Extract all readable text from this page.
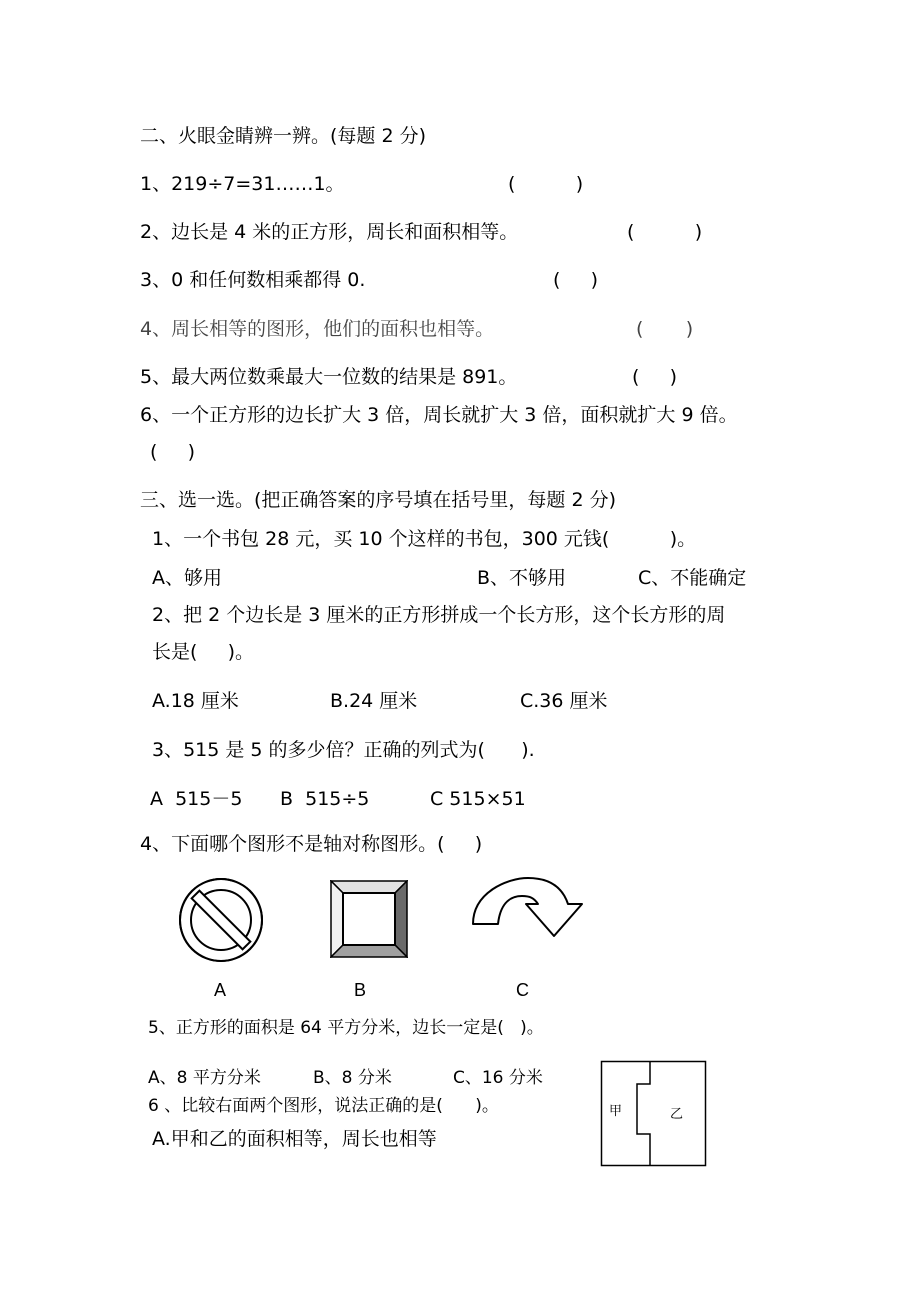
二、火眼金睛辨一辨。(每题 2 分)
1、219÷7=31……1。	(          )
2、边长是 4 米的正方形，周长和面积相等。	(          )
3、0 和任何数相乘都得 0.	(     )
4、周长相等的图形，他们的面积也相等。	(       )
5、最大两位数乘最大一位数的结果是 891。	(     )
6、一个正方形的边长扩大 3 倍，周长就扩大 3 倍，面积就扩大 9 倍。
(     )
三、选一选。(把正确答案的序号填在括号里，每题 2 分)
1、一个书包 28 元，买 10 个这样的书包，300 元钱(          )。
A、够用	B、不够用	C、不能确定
2、把 2 个边长是 3 厘米的正方形拼成一个长方形，这个长方形的周
长是(     )。
A.18 厘米	B.24 厘米	C.36 厘米
3、515 是 5 的多少倍？正确的列式为(      ).
A  515－5 B  515÷5	C 515×51
4、下面哪个图形不是轴对称图形。(     )
A	B	C
5、正方形的面积是 64 平方分米，边长一定是(   )。
A、8 平方分米	B、8 分米	C、16 分米
6 、比较右面两个图形，说法正确的是(      )。
A.甲和乙的面积相等，周长也相等
甲	乙
